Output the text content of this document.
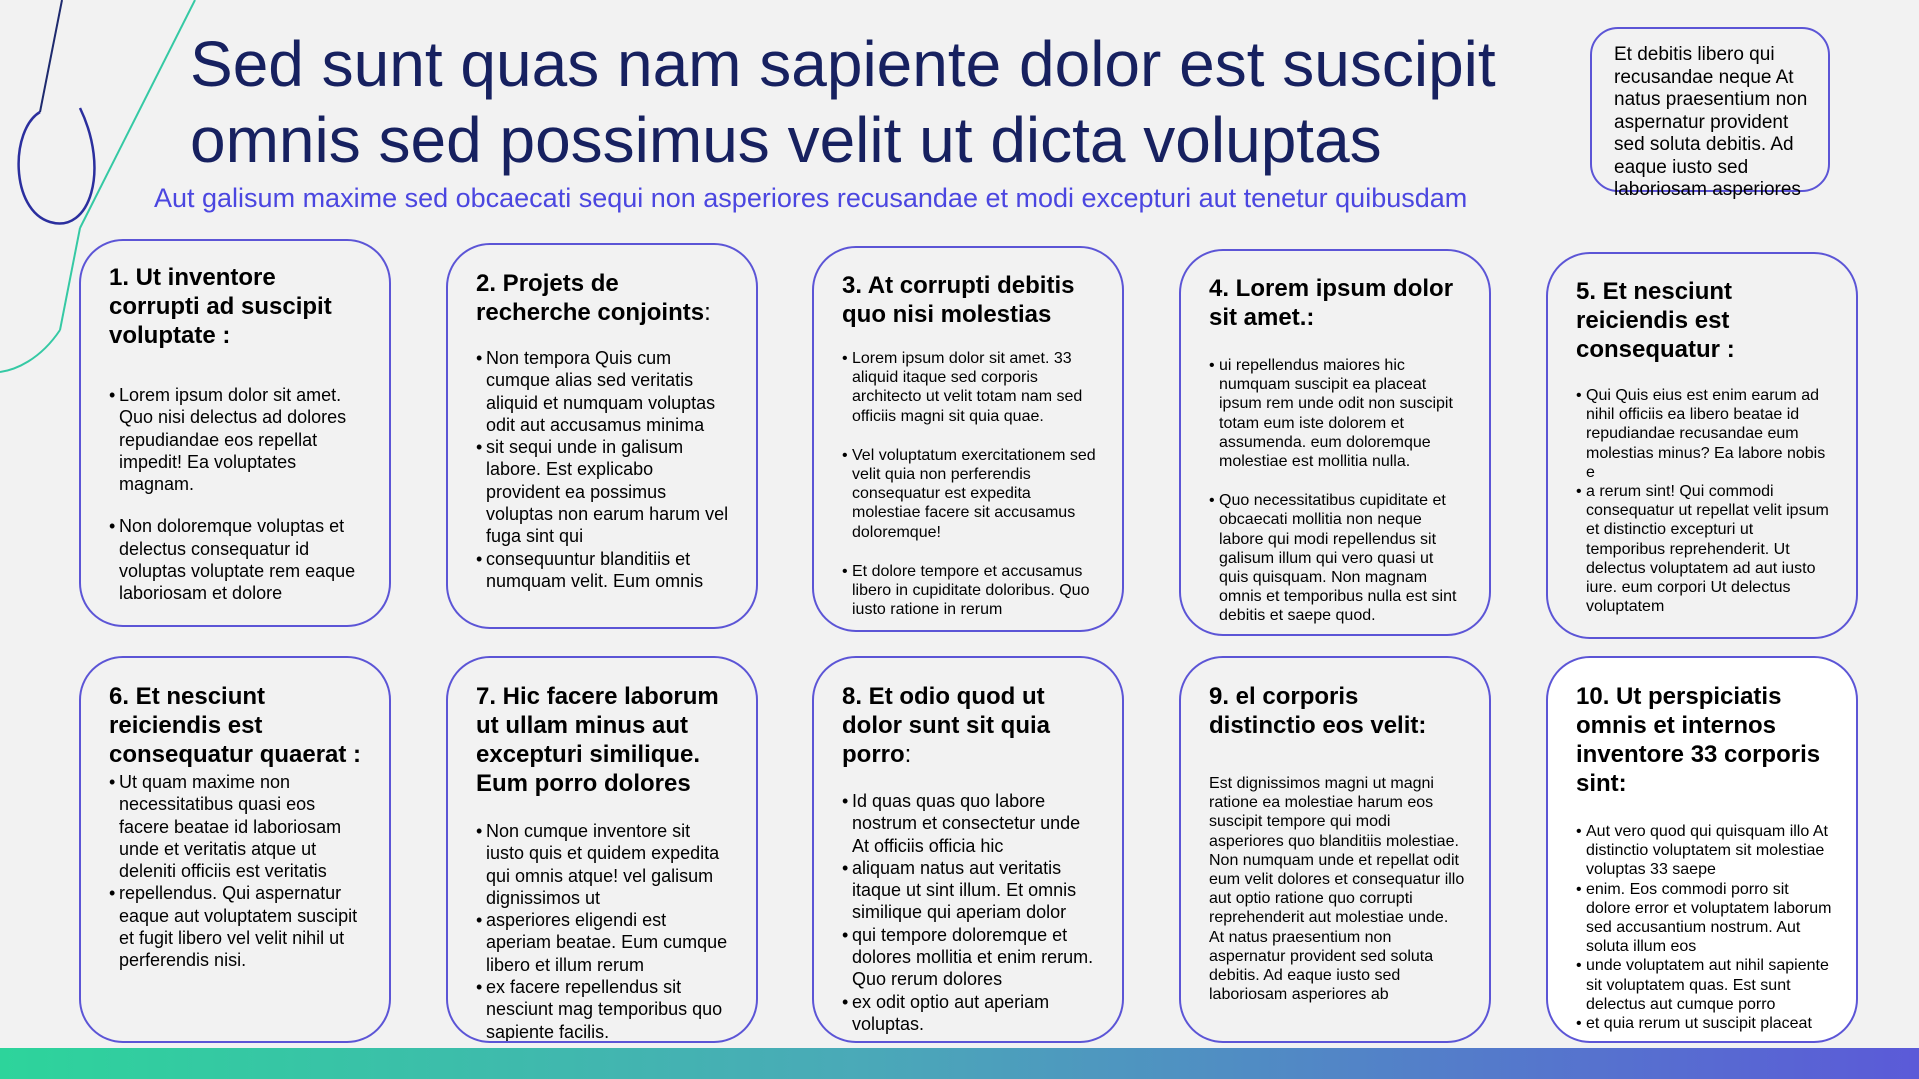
Sed sunt quas nam sapiente dolor est suscipit omnis sed possimus velit ut dicta voluptas

Aut galisum maxime sed obcaecati sequi non asperiores recusandae et modi excepturi aut tenetur quibusdam

Et debitis libero qui recusandae neque At natus praesentium non aspernatur provident sed soluta debitis. Ad eaque iusto sed laboriosam asperiores
1. Ut inventore corrupti ad suscipit voluptate :
• Lorem ipsum dolor sit amet. Quo nisi delectus ad dolores repudiandae eos repellat impedit! Ea voluptates magnam.
• Non doloremque voluptas et delectus consequatur id voluptas voluptate rem eaque laboriosam et dolore
2. Projets de recherche conjoints:
• Non tempora Quis cum cumque alias sed veritatis aliquid et numquam voluptas odit aut accusamus minima
• sit sequi unde in galisum labore. Est explicabo provident ea possimus voluptas non earum harum vel fuga sint qui
• consequuntur blanditiis et numquam velit. Eum omnis
3. At corrupti debitis quo nisi molestias
• Lorem ipsum dolor sit amet. 33 aliquid itaque sed corporis architecto ut velit totam nam sed officiis magni sit quia quae.
• Vel voluptatum exercitationem sed velit quia non perferendis consequatur est expedita molestiae facere sit accusamus doloremque!
• Et dolore tempore et accusamus libero in cupiditate doloribus. Quo iusto ratione in rerum
4. Lorem ipsum dolor sit amet.:
• ui repellendus maiores hic numquam suscipit ea placeat ipsum rem unde odit non suscipit totam eum iste dolorem et assumenda. eum doloremque molestiae est mollitia nulla.
• Quo necessitatibus cupiditate et obcaecati mollitia non neque labore qui modi repellendus sit galisum illum qui vero quasi ut quis quisquam. Non magnam omnis et temporibus nulla est sint debitis et saepe quod.
5. Et nesciunt reiciendis est consequatur :
• Qui Quis eius est enim earum ad nihil officiis ea libero beatae id repudiandae recusandae eum molestias minus? Ea labore nobis e
• a rerum sint! Qui commodi consequatur ut repellat velit ipsum et distinctio excepturi ut temporibus reprehenderit. Ut delectus voluptatem ad aut iusto iure. eum corpori Ut delectus voluptatem
6. Et nesciunt reiciendis est consequatur quaerat :
• Ut quam maxime non necessitatibus quasi eos facere beatae id laboriosam unde et veritatis atque ut deleniti officiis est veritatis
• repellendus. Qui aspernatur eaque aut voluptatem suscipit et fugit libero vel velit nihil ut perferendis nisi.
7. Hic facere laborum ut ullam minus aut excepturi similique. Eum porro dolores
• Non cumque inventore sit iusto quis et quidem expedita qui omnis atque! vel galisum dignissimos ut
• asperiores eligendi est aperiam beatae. Eum cumque libero et illum rerum
• ex facere repellendus sit nesciunt mag temporibus quo sapiente facilis.
8. Et odio quod ut dolor sunt sit quia porro:
• Id quas quas quo labore nostrum et consectetur unde At officiis officia hic
• aliquam natus aut veritatis itaque ut sint illum. Et omnis similique qui aperiam dolor
• qui tempore doloremque et dolores mollitia et enim rerum. Quo rerum dolores
• ex odit optio aut aperiam voluptas.
9. el corporis distinctio eos velit:

Est dignissimos magni ut magni ratione ea molestiae harum eos suscipit tempore qui modi asperiores quo blanditiis molestiae.

Non numquam unde et repellat odit eum velit dolores et consequatur illo aut optio ratione quo corrupti reprehenderit aut molestiae unde.

At natus praesentium non aspernatur provident sed soluta debitis. Ad eaque iusto sed laboriosam asperiores ab

10. Ut perspiciatis omnis et internos inventore 33 corporis sint:
• Aut vero quod qui quisquam illo At distinctio voluptatem sit molestiae voluptas 33 saepe
• enim. Eos commodi porro sit dolore error et voluptatem laborum sed accusantium nostrum. Aut soluta illum eos
• unde voluptatem aut nihil sapiente sit voluptatem quas. Est sunt delectus aut cumque porro
• et quia rerum ut suscipit placeat
